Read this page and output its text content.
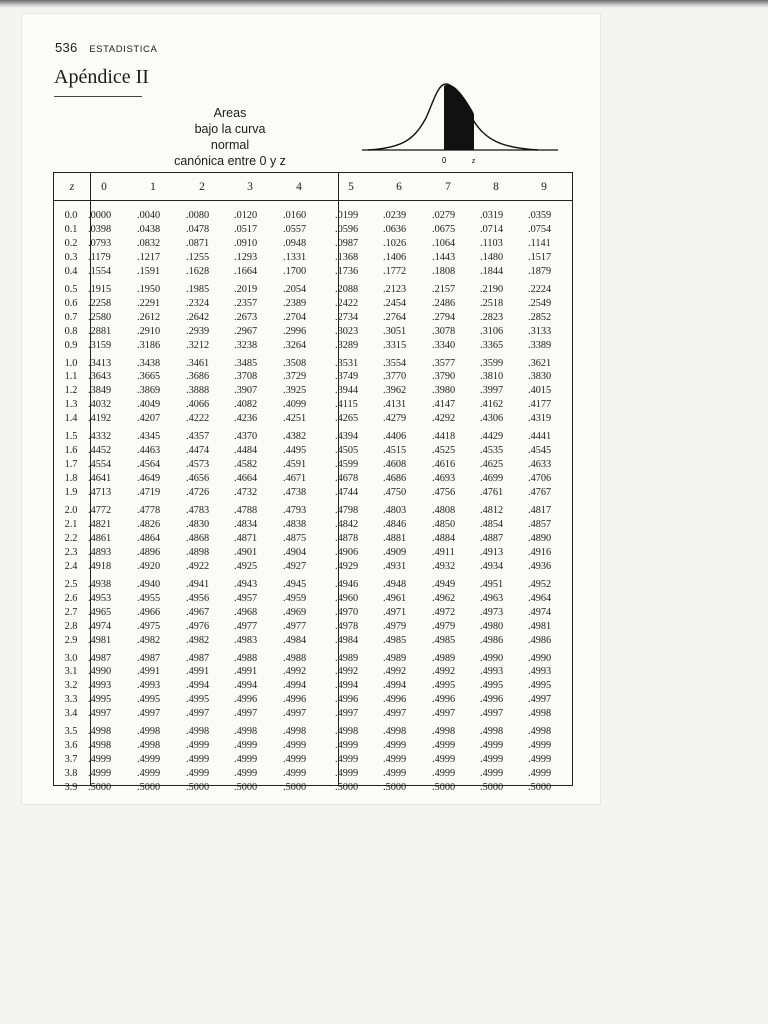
536 ESTADISTICA
Apéndice II
Areas
bajo la curva
normal
canónica entre 0 y z	0	z
z	0	1	2	3	4	5	6	7	8	9
0.0	.0000	.0040	.0080 .0120	.0160	.0199 .0239	.0279 .0319 .0359
0.1	.0398	.0438	.0478 .0517	.0557	.0596 .0636	.0675 .0714 .0754
0.2	.0793	.0832	.0871 .0910	.0948	.0987 .1026	.1064 .1103 .1141
0.3	.1179	.1217	.1255 .1293	.1331	.1368 .1406	.1443 .1480 .1517
0.4	.1554	.1591	.1628 .1664	.1700	.1736 .1772	.1808 .1844 .1879
0.5	.1915	.1950	.1985 .2019	.2054	.2088 .2123	.2157 .2190 .2224
0.6	.2258	.2291	.2324 .2357	.2389	.2422 .2454	.2486 .2518 .2549
0.7	.2580	.2612	.2642 .2673	.2704	.2734 .2764	.2794 .2823 .2852
0.8	.2881	.2910	.2939 .2967	.2996	.3023 .3051	.3078 .3106 .3133
0.9	.3159	.3186	.3212 .3238	.3264	.3289 .3315	.3340 .3365 .3389
1.0	.3413	.3438	.3461 .3485	.3508	.3531 .3554	.3577 .3599 .3621
1.1	.3643	.3665	.3686 .3708	.3729	.3749 .3770	.3790 .3810 .3830
1.2	.3849	.3869	.3888 .3907	.3925	.3944 .3962	.3980 .3997 .4015
1.3	.4032	.4049	.4066 .4082	.4099	.4115 .4131	.4147 .4162 .4177
1.4	.4192	.4207	.4222 .4236	.4251	.4265 .4279	.4292 .4306 .4319
1.5	.4332	.4345	.4357 .4370	.4382	.4394 .4406	.4418 .4429 .4441
1.6	.4452	.4463	.4474 .4484	.4495	.4505 .4515	.4525 .4535 .4545
1.7	.4554	.4564	.4573 .4582	.4591	.4599 .4608	.4616 .4625 .4633
1.8	.4641	.4649	.4656 .4664	.4671	.4678 .4686	.4693 .4699 .4706
1.9	.4713	.4719	.4726 .4732	.4738	.4744 .4750	.4756 .4761 .4767
2.0	.4772	.4778	.4783 .4788	.4793	.4798 .4803	.4808 .4812 .4817
2.1	.4821	.4826	.4830 .4834	.4838	.4842 .4846	.4850 .4854 .4857
2.2	.4861	.4864	.4868 .4871	.4875	.4878 .4881	.4884 .4887 .4890
2.3	.4893	.4896	.4898 .4901	.4904	.4906 .4909	.4911 .4913 .4916
2.4	.4918	.4920	.4922 .4925	.4927	.4929 .4931	.4932 .4934 .4936
2.5	.4938	.4940	.4941 .4943	.4945	.4946 .4948	.4949 .4951 .4952
2.6	.4953	.4955	.4956 .4957	.4959	.4960 .4961	.4962 .4963 .4964
2.7	.4965	.4966	.4967 .4968	.4969	.4970 .4971	.4972 .4973 .4974
2.8	.4974	.4975	.4976 .4977	.4977	.4978 .4979	.4979 .4980 .4981
2.9	.4981	.4982	.4982 .4983	.4984	.4984 .4985	.4985 .4986 .4986
3.0	.4987	.4987	.4987 .4988	.4988	.4989 .4989	.4989 .4990 .4990
3.1	.4990	.4991	.4991 .4991	.4992	.4992 .4992	.4992 .4993 .4993
3.2	.4993	.4993	.4994 .4994	.4994	.4994 .4994	.4995 .4995 .4995
3.3	.4995	.4995	.4995 .4996	.4996	.4996 .4996	.4996 .4996 .4997
3.4	.4997	.4997	.4997 .4997	.4997	.4997 .4997	.4997 .4997 .4998
3.5	.4998	.4998	.4998 .4998	.4998	.4998 .4998	.4998 .4998 .4998
3.6	.4998	.4998	.4999 .4999	.4999	.4999 .4999	.4999 .4999 .4999
3.7	.4999	.4999	.4999 .4999	.4999	.4999 .4999	.4999 .4999 .4999
3.8	.4999	.4999	.4999 .4999	.4999	.4999 .4999	.4999 .4999 .4999
3.9	.5000	.5000	.5000 .5000	.5000	.5000 .5000	.5000 .5000 .5000
